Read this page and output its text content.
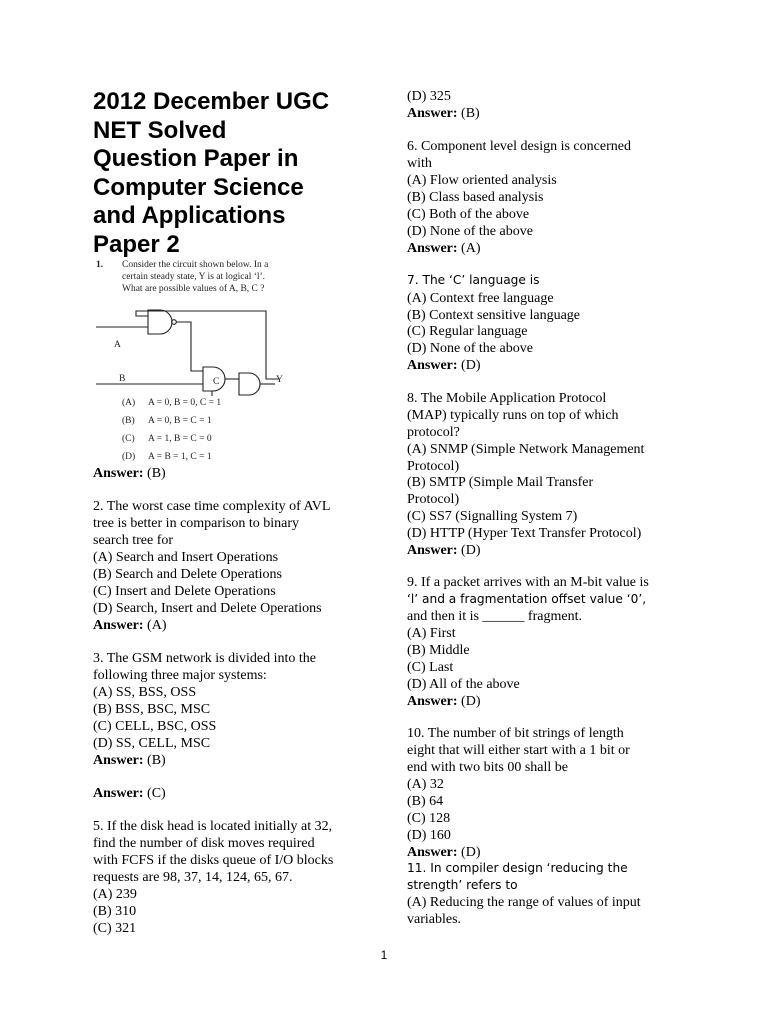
2012 December UGC
NET Solved
Question Paper in
Computer Science
and Applications
Paper 2
1. Consider the circuit shown below. In a
certain steady state, Y is at logical ‘l’.
What are possible values of A, B, C ?
A
B	C	Y
(A) A = 0, B = 0, C = 1
(B) A = 0, B = C = 1
(C) A = 1, B = C = 0
(D) A = B = 1, C = 1
Answer: (B)
2. The worst case time complexity of AVL
tree is better in comparison to binary
search tree for
(A) Search and Insert Operations
(B) Search and Delete Operations
(C) Insert and Delete Operations
(D) Search, Insert and Delete Operations
Answer: (A)
3. The GSM network is divided into the
following three major systems:
(A) SS, BSS, OSS
(B) BSS, BSC, MSC
(C) CELL, BSC, OSS
(D) SS, CELL, MSC
Answer: (B)
Answer: (C)
5. If the disk head is located initially at 32,
find the number of disk moves required
with FCFS if the disks queue of I/O blocks
requests are 98, 37, 14, 124, 65, 67.
(A) 239
(B) 310
(C) 321
(D) 325
Answer: (B)
6. Component level design is concerned
with
(A) Flow oriented analysis
(B) Class based analysis
(C) Both of the above
(D) None of the above
Answer: (A)
7. The ‘C’ language is
(A) Context free language
(B) Context sensitive language
(C) Regular language
(D) None of the above
Answer: (D)
8. The Mobile Application Protocol
(MAP) typically runs on top of which
protocol?
(A) SNMP (Simple Network Management
Protocol)
(B) SMTP (Simple Mail Transfer
Protocol)
(C) SS7 (Signalling System 7)
(D) HTTP (Hyper Text Transfer Protocol)
Answer: (D)
9. If a packet arrives with an M-bit value is
‘l’ and a fragmentation offset value ‘0’,
and then it is ______ fragment.
(A) First
(B) Middle
(C) Last
(D) All of the above
Answer: (D)
10. The number of bit strings of length
eight that will either start with a 1 bit or
end with two bits 00 shall be
(A) 32
(B) 64
(C) 128
(D) 160
Answer: (D)
11. In compiler design ‘reducing the
strength’ refers to
(A) Reducing the range of values of input
variables.
1
